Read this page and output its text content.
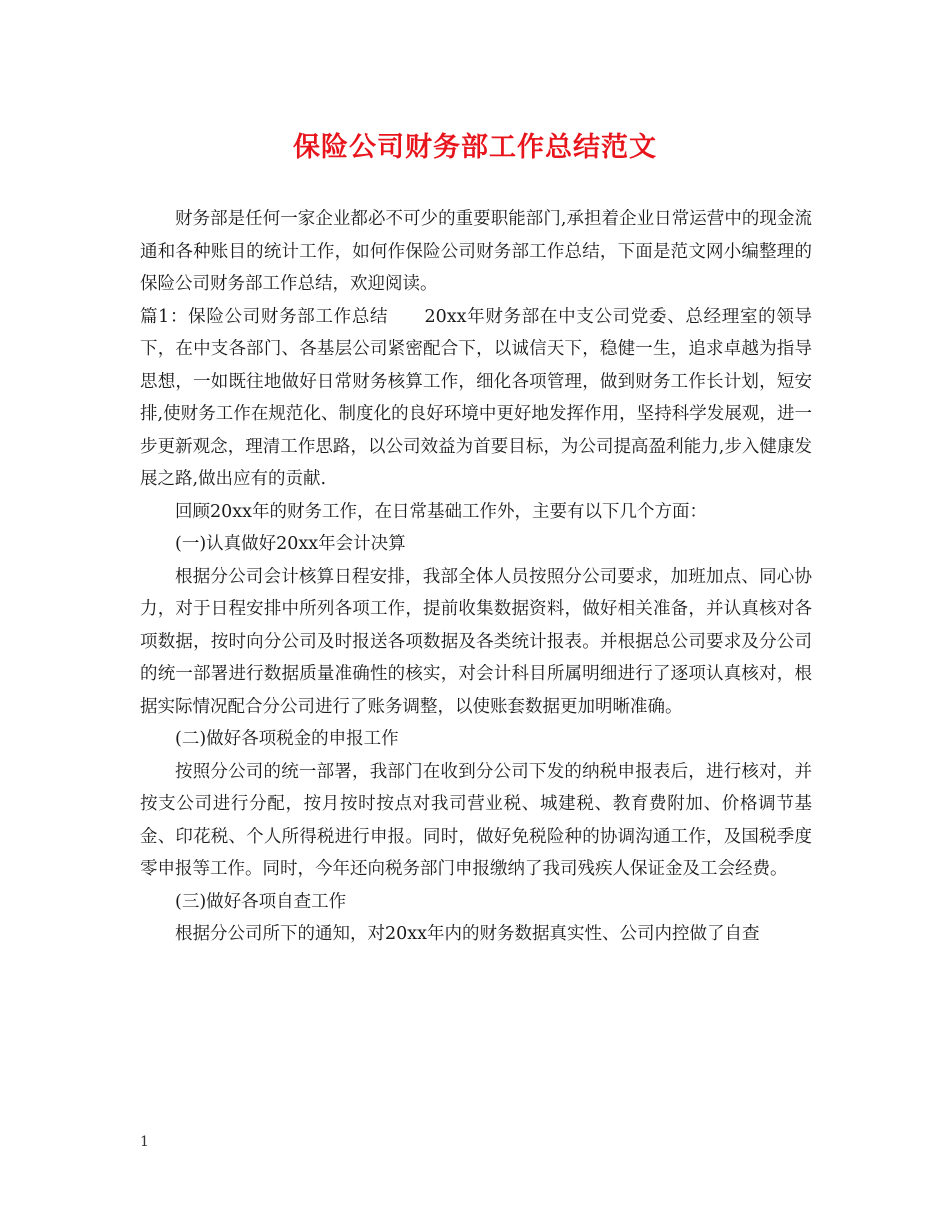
保险公司财务部工作总结范文

财务部是任何一家企业都必不可少的重要职能部门,承担着企业日常运营中的现金流通和各种账目的统计工作，如何作保险公司财务部工作总结，下面是范文网小编整理的保险公司财务部工作总结，欢迎阅读。

篇1：保险公司财务部工作总结　　20xx年财务部在中支公司党委、总经理室的领导下，在中支各部门、各基层公司紧密配合下，以诚信天下，稳健一生，追求卓越为指导思想，一如既往地做好日常财务核算工作，细化各项管理，做到财务工作长计划，短安排,使财务工作在规范化、制度化的良好环境中更好地发挥作用，坚持科学发展观，进一步更新观念，理清工作思路，以公司效益为首要目标，为公司提高盈利能力,步入健康发展之路,做出应有的贡献.

回顾20xx年的财务工作，在日常基础工作外，主要有以下几个方面：

(一)认真做好20xx年会计决算

根据分公司会计核算日程安排，我部全体人员按照分公司要求，加班加点、同心协力，对于日程安排中所列各项工作，提前收集数据资料，做好相关准备，并认真核对各项数据，按时向分公司及时报送各项数据及各类统计报表。并根据总公司要求及分公司的统一部署进行数据质量准确性的核实，对会计科目所属明细进行了逐项认真核对，根据实际情况配合分公司进行了账务调整，以使账套数据更加明晰准确。

(二)做好各项税金的申报工作

按照分公司的统一部署，我部门在收到分公司下发的纳税申报表后，进行核对，并按支公司进行分配，按月按时按点对我司营业税、城建税、教育费附加、价格调节基金、印花税、个人所得税进行申报。同时，做好免税险种的协调沟通工作，及国税季度零申报等工作。同时，今年还向税务部门申报缴纳了我司残疾人保证金及工会经费。

(三)做好各项自查工作

根据分公司所下的通知，对20xx年内的财务数据真实性、公司内控做了自查

1
